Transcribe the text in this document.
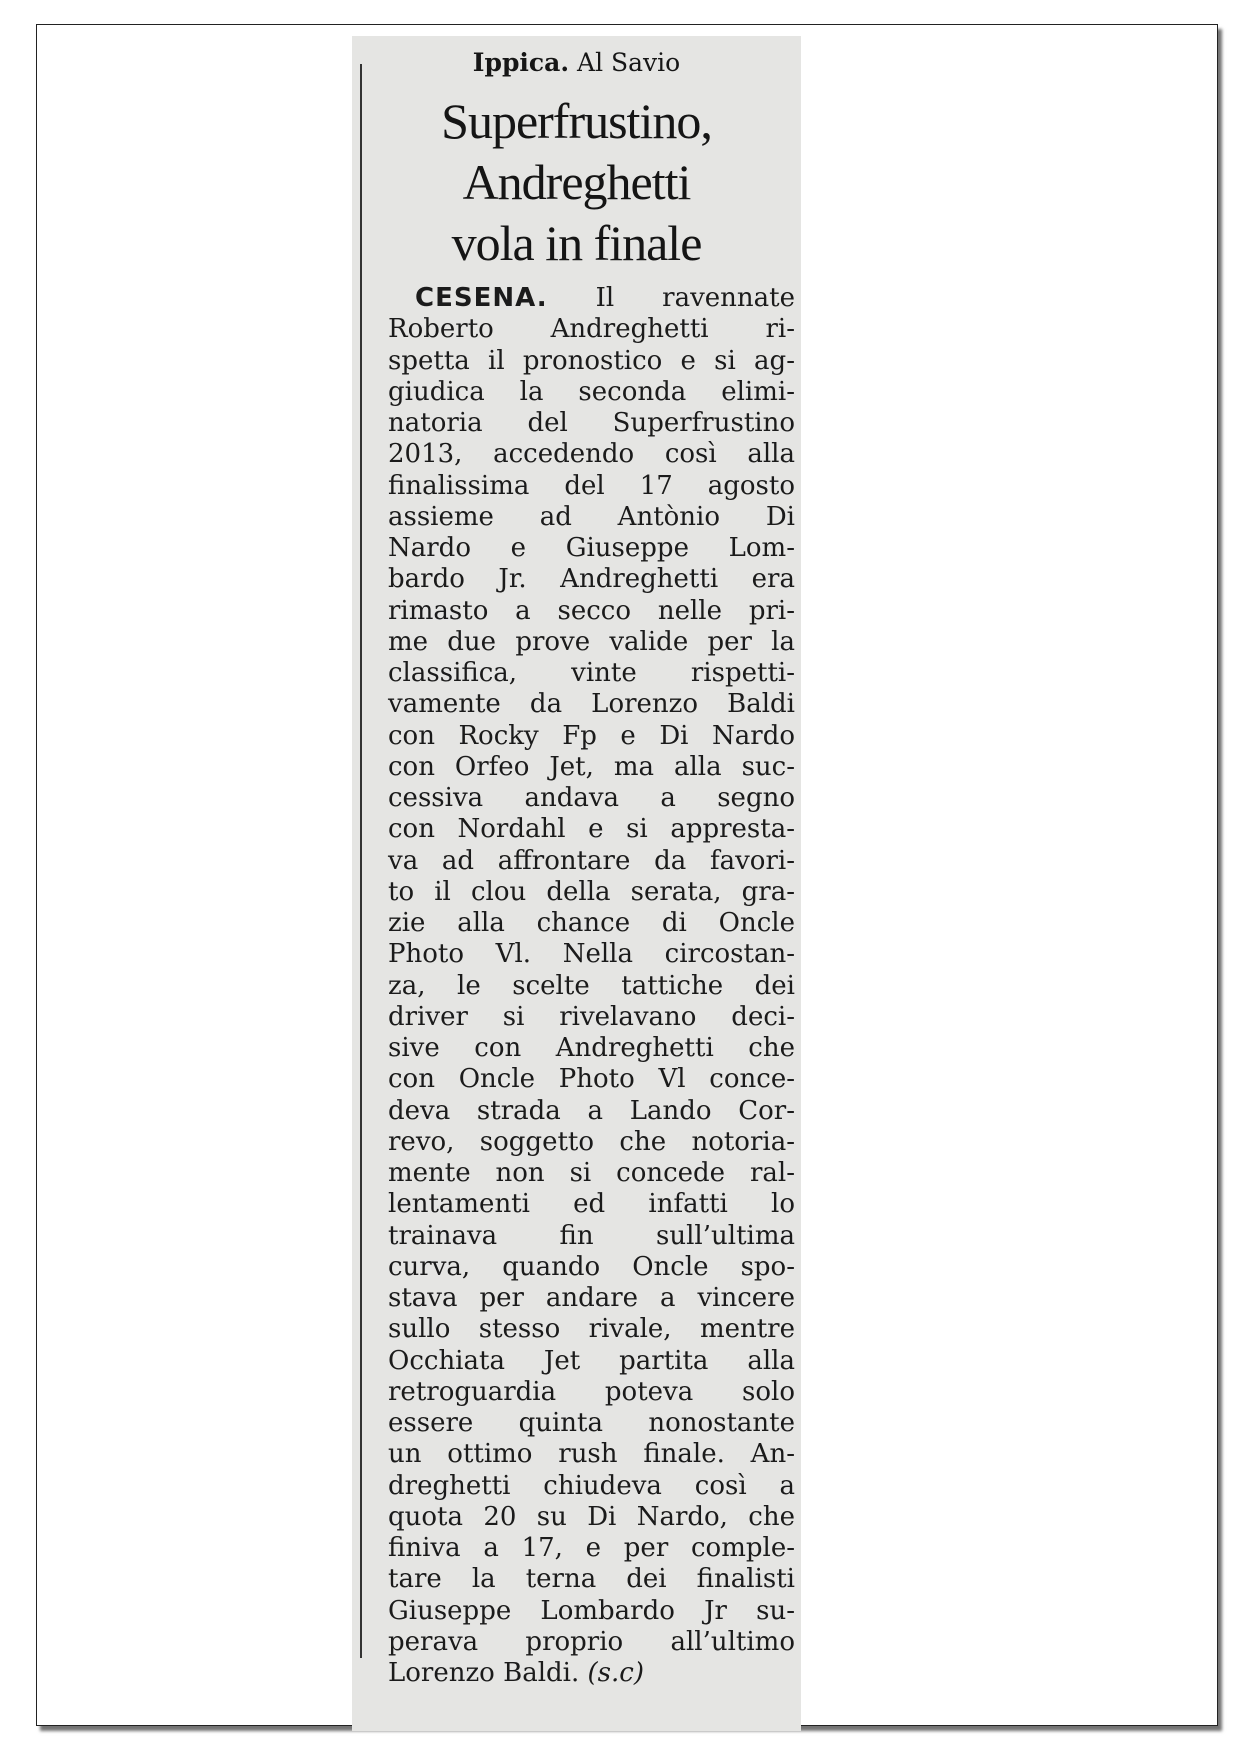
Ippica. Al Savio
Superfrustino,
Andreghetti
vola in finale
CESENA. Il ravennate
Roberto Andreghetti ri-
spetta il pronostico e si ag-
giudica la seconda elimi-
natoria del Superfrustino
2013, accedendo così alla
finalissima del 17 agosto
assieme ad Antònio Di
Nardo e Giuseppe Lom-
bardo Jr. Andreghetti era
rimasto a secco nelle pri-
me due prove valide per la
classifica, vinte rispetti-
vamente da Lorenzo Baldi
con Rocky Fp e Di Nardo
con Orfeo Jet, ma alla suc-
cessiva andava a segno
con Nordahl e si appresta-
va ad affrontare da favori-
to il clou della serata, gra-
zie alla chance di Oncle
Photo Vl. Nella circostan-
za, le scelte tattiche dei
driver si rivelavano deci-
sive con Andreghetti che
con Oncle Photo Vl conce-
deva strada a Lando Cor-
revo, soggetto che notoria-
mente non si concede ral-
lentamenti ed infatti lo
trainava fin sull’ultima
curva, quando Oncle spo-
stava per andare a vincere
sullo stesso rivale, mentre
Occhiata Jet partita alla
retroguardia poteva solo
essere quinta nonostante
un ottimo rush finale. An-
dreghetti chiudeva così a
quota 20 su Di Nardo, che
finiva a 17, e per comple-
tare la terna dei finalisti
Giuseppe Lombardo Jr su-
perava proprio all’ultimo
Lorenzo Baldi. (s.c)
